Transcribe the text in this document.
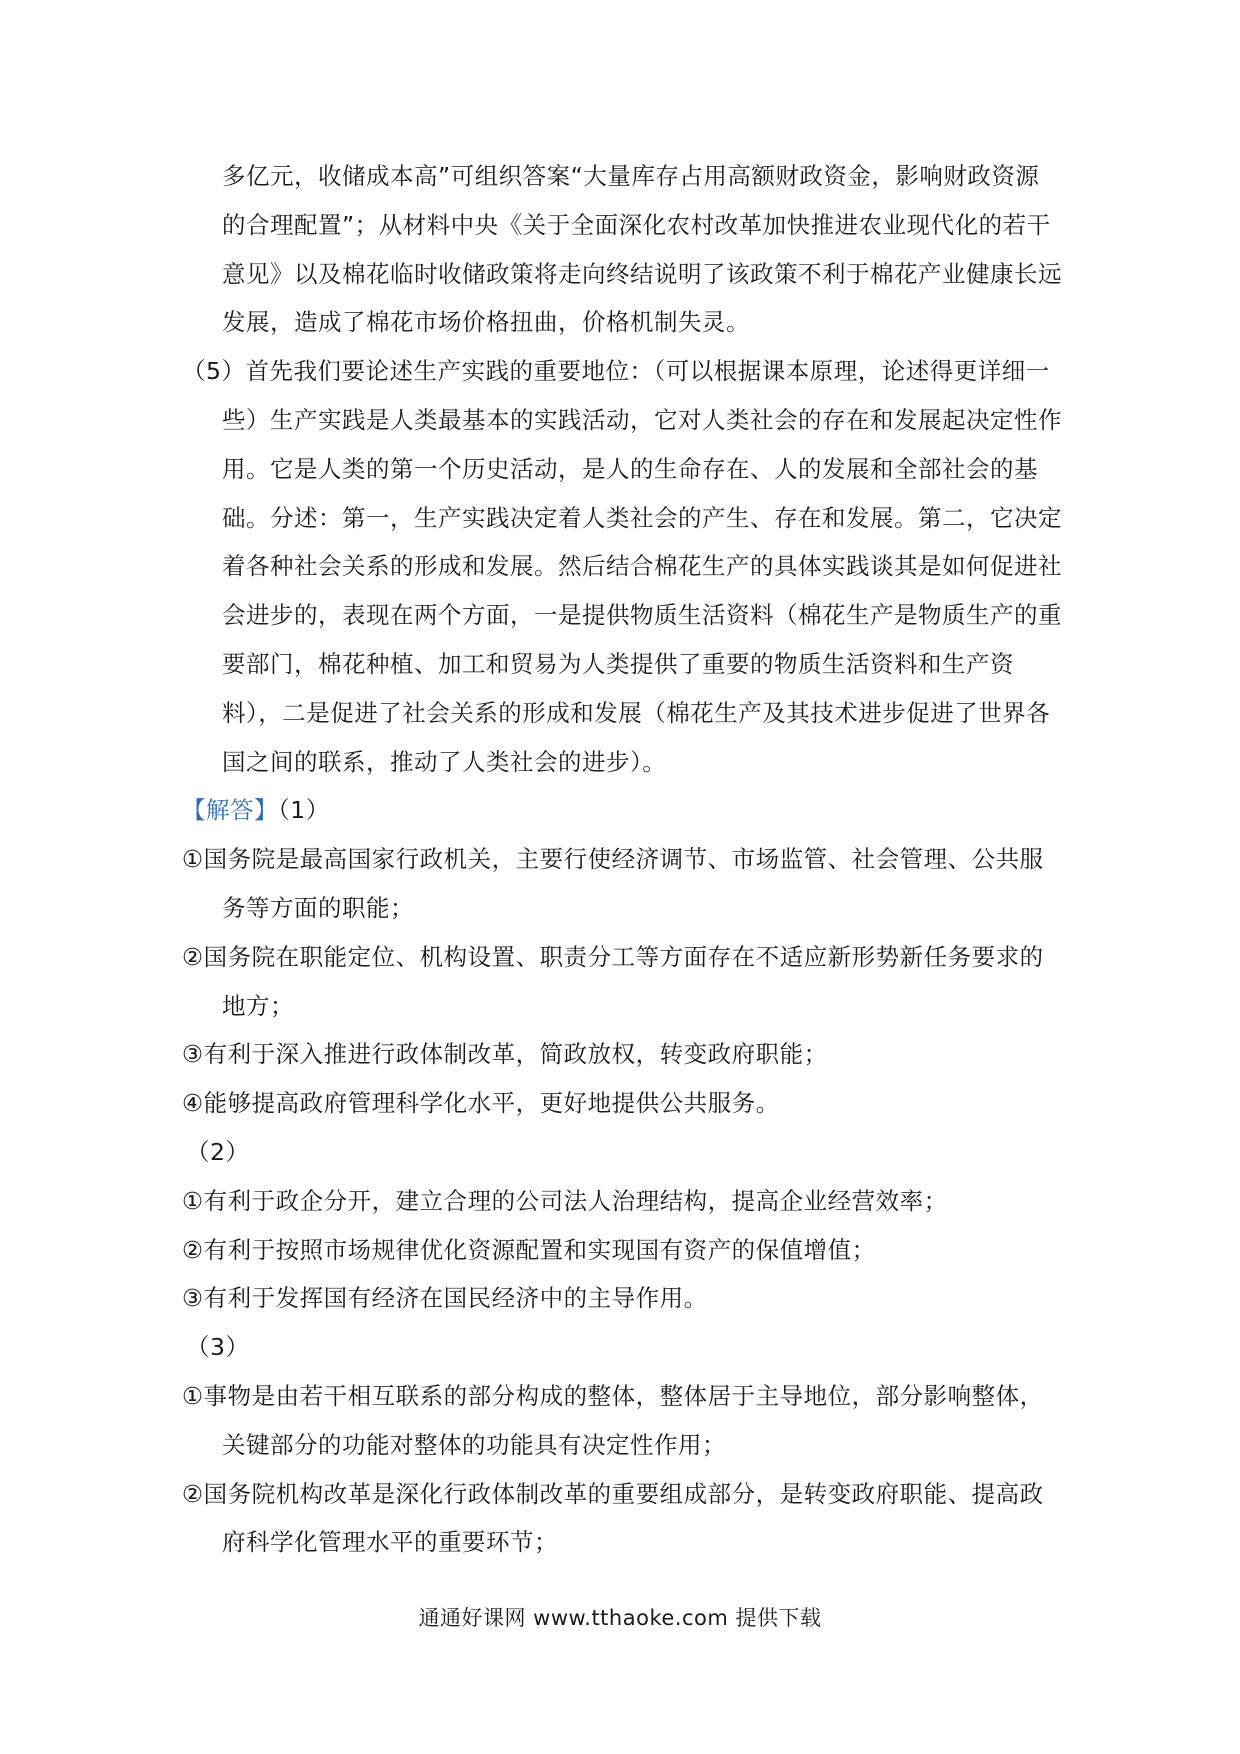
多亿元，收储成本高”可组织答案“大量库存占用高额财政资金，影响财政资源的合理配置”；从材料中央《关于全面深化农村改革加快推进农业现代化的若干意见》以及棉花临时收储政策将走向终结说明了该政策不利于棉花产业健康长远发展，造成了棉花市场价格扭曲，价格机制失灵。

（5）首先我们要论述生产实践的重要地位：（可以根据课本原理，论述得更详细一些）生产实践是人类最基本的实践活动，它对人类社会的存在和发展起决定性作用。它是人类的第一个历史活动，是人的生命存在、人的发展和全部社会的基础。分述：第一，生产实践决定着人类社会的产生、存在和发展。第二，它决定着各种社会关系的形成和发展。然后结合棉花生产的具体实践谈其是如何促进社会进步的，表现在两个方面，一是提供物质生活资料（棉花生产是物质生产的重要部门，棉花种植、加工和贸易为人类提供了重要的物质生活资料和生产资料），二是促进了社会关系的形成和发展（棉花生产及其技术进步促进了世界各国之间的联系，推动了人类社会的进步）。

【解答】（1）

①国务院是最高国家行政机关，主要行使经济调节、市场监管、社会管理、公共服务等方面的职能；

②国务院在职能定位、机构设置、职责分工等方面存在不适应新形势新任务要求的地方；

③有利于深入推进行政体制改革，简政放权，转变政府职能；

④能够提高政府管理科学化水平，更好地提供公共服务。

（2）

①有利于政企分开，建立合理的公司法人治理结构，提高企业经营效率；

②有利于按照市场规律优化资源配置和实现国有资产的保值增值；

③有利于发挥国有经济在国民经济中的主导作用。

（3）

①事物是由若干相互联系的部分构成的整体，整体居于主导地位，部分影响整体，关键部分的功能对整体的功能具有决定性作用；

②国务院机构改革是深化行政体制改革的重要组成部分，是转变政府职能、提高政府科学化管理水平的重要环节；

通通好课网 www.tthaoke.com 提供下载
